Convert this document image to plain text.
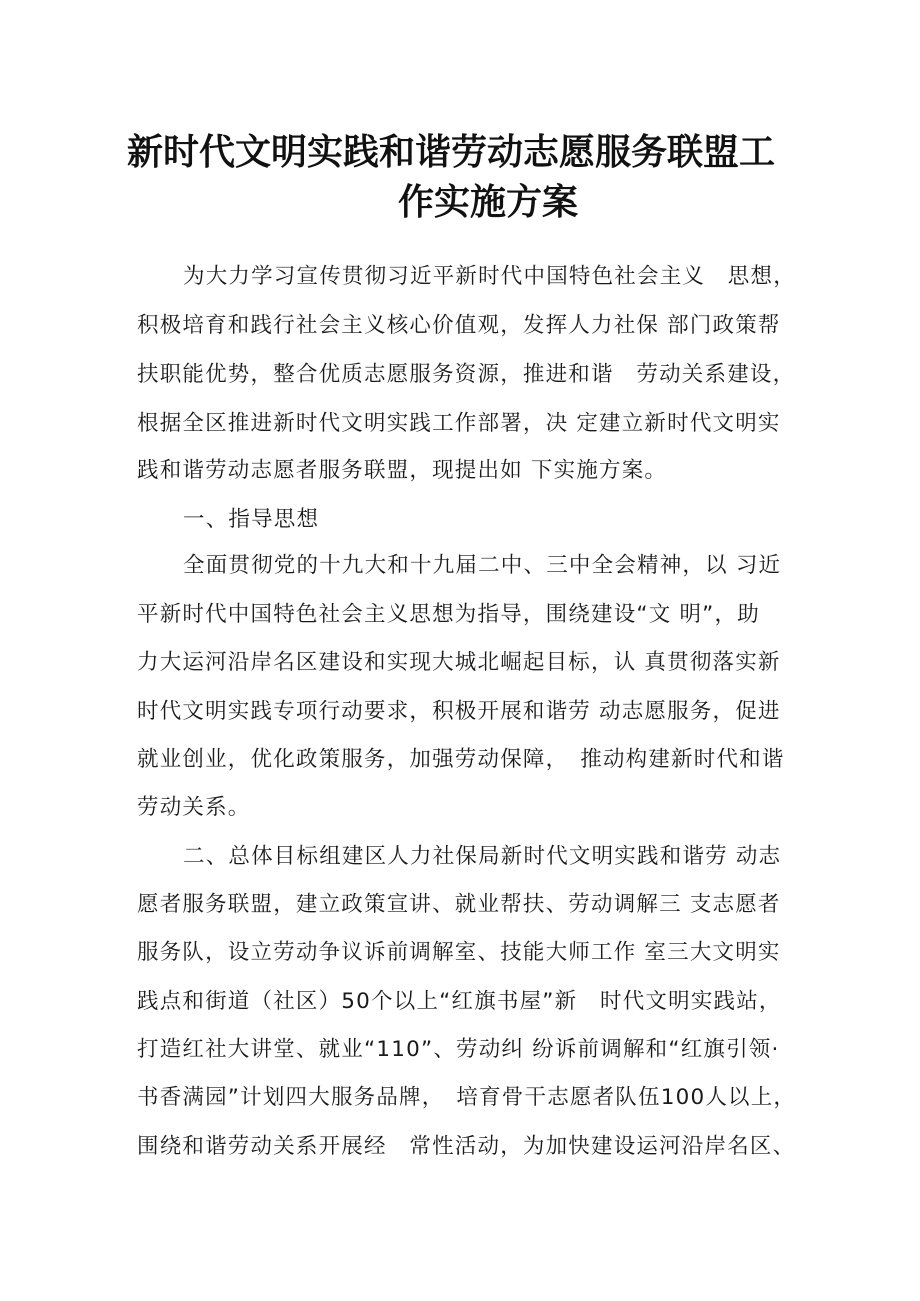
新时代文明实践和谐劳动志愿服务联盟工
作实施方案
为大力学习宣传贯彻习近平新时代中国特色社会主义　思想，
积极培育和践行社会主义核心价值观，发挥人力社保 部门政策帮
扶职能优势，整合优质志愿服务资源，推进和谐　劳动关系建设，
根据全区推进新时代文明实践工作部署，决 定建立新时代文明实
践和谐劳动志愿者服务联盟，现提出如 下实施方案。
一、指导思想
全面贯彻党的十九大和十九届二中、三中全会精神，以 习近
平新时代中国特色社会主义思想为指导，围绕建设“文 明”，助
力大运河沿岸名区建设和实现大城北崛起目标，认 真贯彻落实新
时代文明实践专项行动要求，积极开展和谐劳 动志愿服务，促进
就业创业，优化政策服务，加强劳动保障，　推动构建新时代和谐
劳动关系。
二、总体目标组建区人力社保局新时代文明实践和谐劳 动志
愿者服务联盟，建立政策宣讲、就业帮扶、劳动调解三 支志愿者
服务队，设立劳动争议诉前调解室、技能大师工作 室三大文明实
践点和街道（社区）50个以上“红旗书屋”新　时代文明实践站，
打造红社大讲堂、就业“110”、劳动纠 纷诉前调解和“红旗引领·
书香满园”计划四大服务品牌，　培育骨干志愿者队伍100人以上，
围绕和谐劳动关系开展经　常性活动，为加快建设运河沿岸名区、
